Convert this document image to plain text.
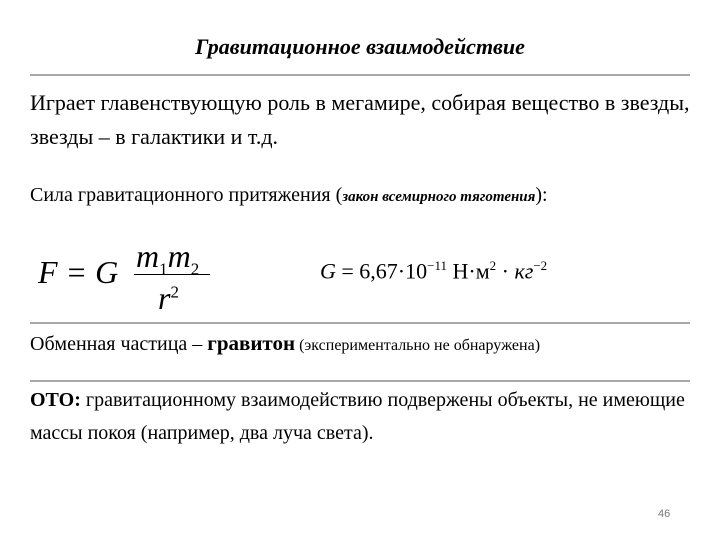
Гравитационное взаимодействие
Играет главенствующую роль в мегамире, собирая вещество в звезды, звезды – в галактики и т.д.
Сила гравитационного притяжения (закон всемирного тяготения):
F = G $m_1m_2$
$r^2$
$G = 6,67\cdot 10^{-11}$ $Н\cdot м^2 \cdot кг^{-2}$
Обменная частица – гравитон (экспериментально не обнаружена)
ОТО: гравитационному взаимодействию подвержены объекты, не имеющие массы покоя (например, два луча света).
46
